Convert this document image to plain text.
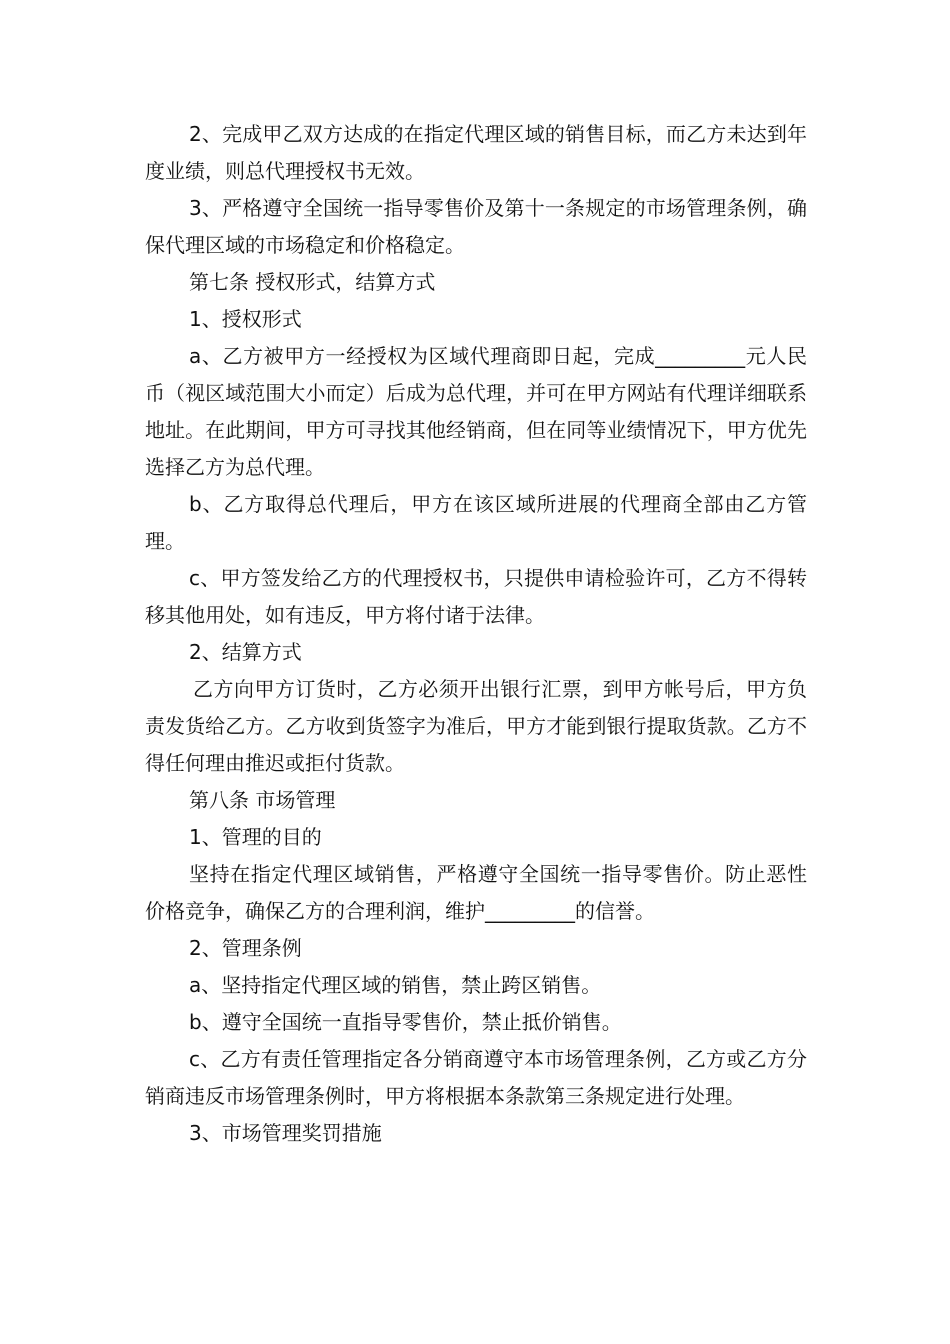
2、完成甲乙双方达成的在指定代理区域的销售目标，而乙方未达到年度业绩，则总代理授权书无效。

3、严格遵守全国统一指导零售价及第十一条规定的市场管理条例，确保代理区域的市场稳定和价格稳定。

第七条 授权形式，结算方式

1、授权形式

a、乙方被甲方一经授权为区域代理商即日起，完成_________元人民币（视区域范围大小而定）后成为总代理，并可在甲方网站有代理详细联系地址。在此期间，甲方可寻找其他经销商，但在同等业绩情况下，甲方优先选择乙方为总代理。

b、乙方取得总代理后，甲方在该区域所进展的代理商全部由乙方管理。

c、甲方签发给乙方的代理授权书，只提供申请检验许可，乙方不得转移其他用处，如有违反，甲方将付诸于法律。

2、结算方式

乙方向甲方订货时，乙方必须开出银行汇票，到甲方帐号后，甲方负责发货给乙方。乙方收到货签字为准后，甲方才能到银行提取货款。乙方不得任何理由推迟或拒付货款。

第八条 市场管理

1、管理的目的

坚持在指定代理区域销售，严格遵守全国统一指导零售价。防止恶性价格竞争，确保乙方的合理利润，维护_________的信誉。

2、管理条例

a、坚持指定代理区域的销售，禁止跨区销售。

b、遵守全国统一直指导零售价，禁止抵价销售。

c、乙方有责任管理指定各分销商遵守本市场管理条例，乙方或乙方分销商违反市场管理条例时，甲方将根据本条款第三条规定进行处理。

3、市场管理奖罚措施
